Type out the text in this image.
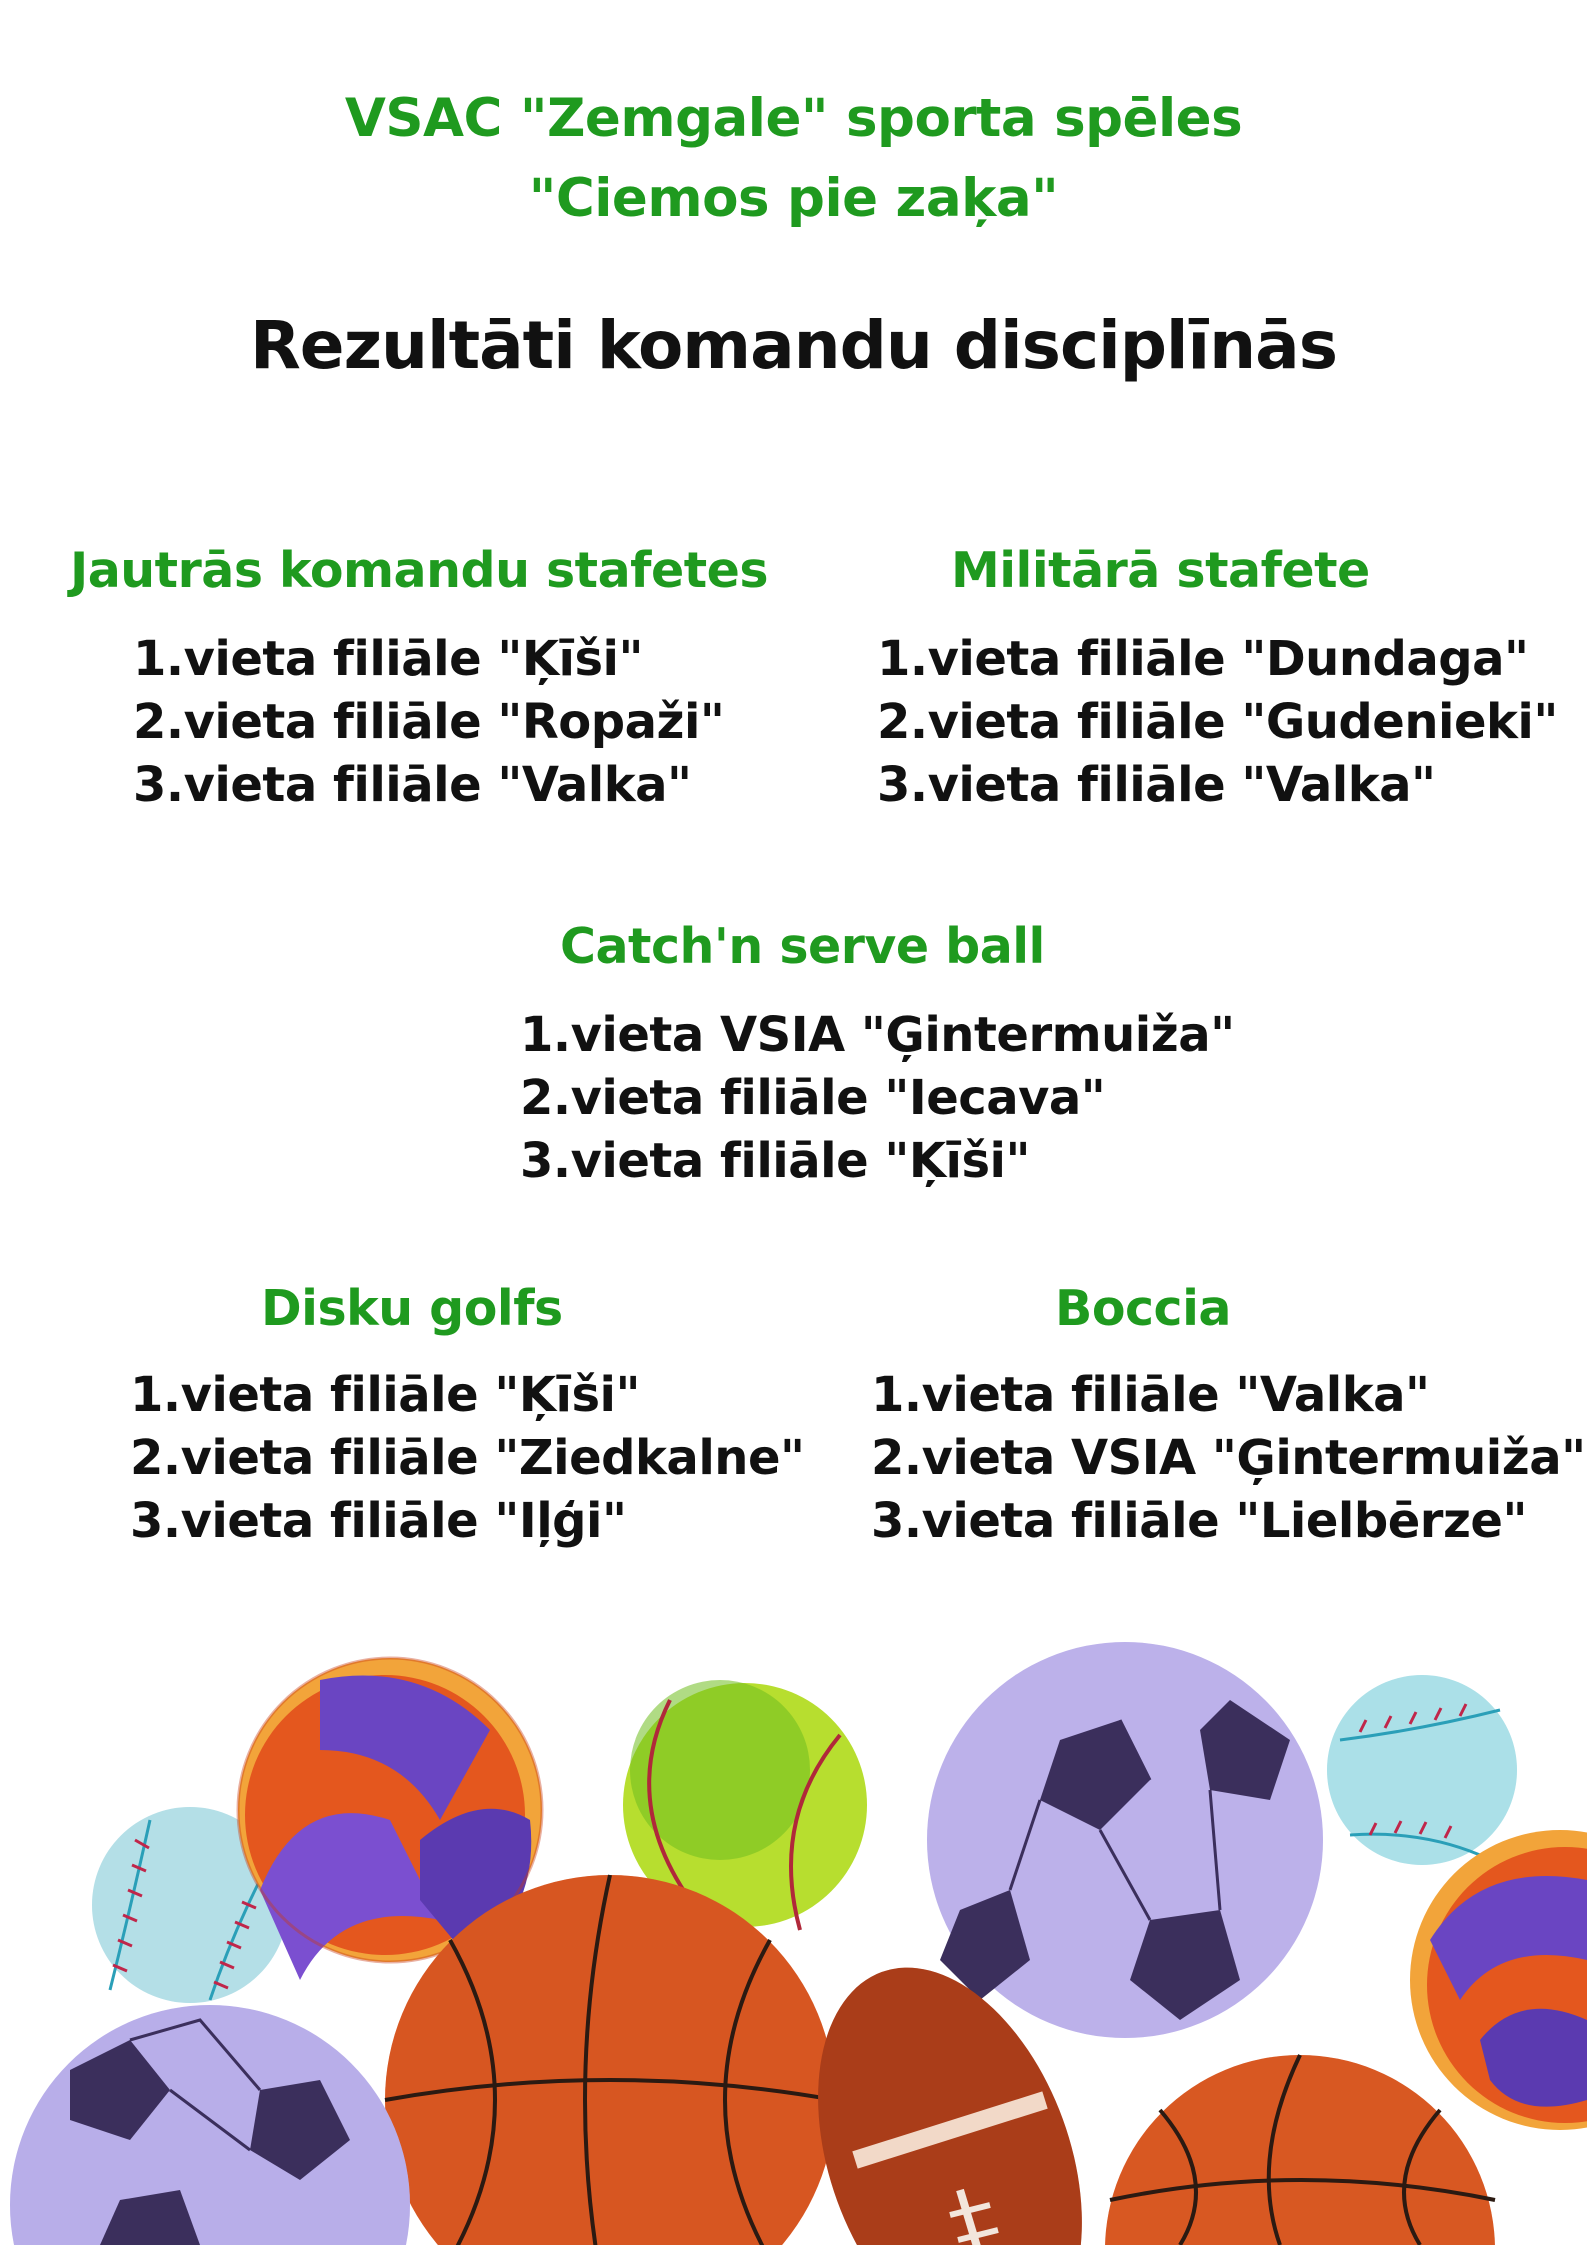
VSAC "Zemgale" sporta spēles
"Ciemos pie zaķa"
Rezultāti komandu disciplīnās
Jautrās komandu stafetes
1.vieta filiāle "Ķīši"
2.vieta filiāle "Ropaži"
3.vieta filiāle "Valka"
Militārā stafete
1.vieta filiāle "Dundaga"
2.vieta filiāle "Gudenieki"
3.vieta filiāle "Valka"
Catch'n serve ball
1.vieta VSIA "Ģintermuiža"
2.vieta filiāle "Iecava"
3.vieta filiāle "Ķīši"
Disku golfs
1.vieta filiāle "Ķīši"
2.vieta filiāle "Ziedkalne"
3.vieta filiāle "Iļģi"
Boccia
1.vieta filiāle "Valka"
2.vieta VSIA "Ģintermuiža"
3.vieta filiāle "Lielbērze"
